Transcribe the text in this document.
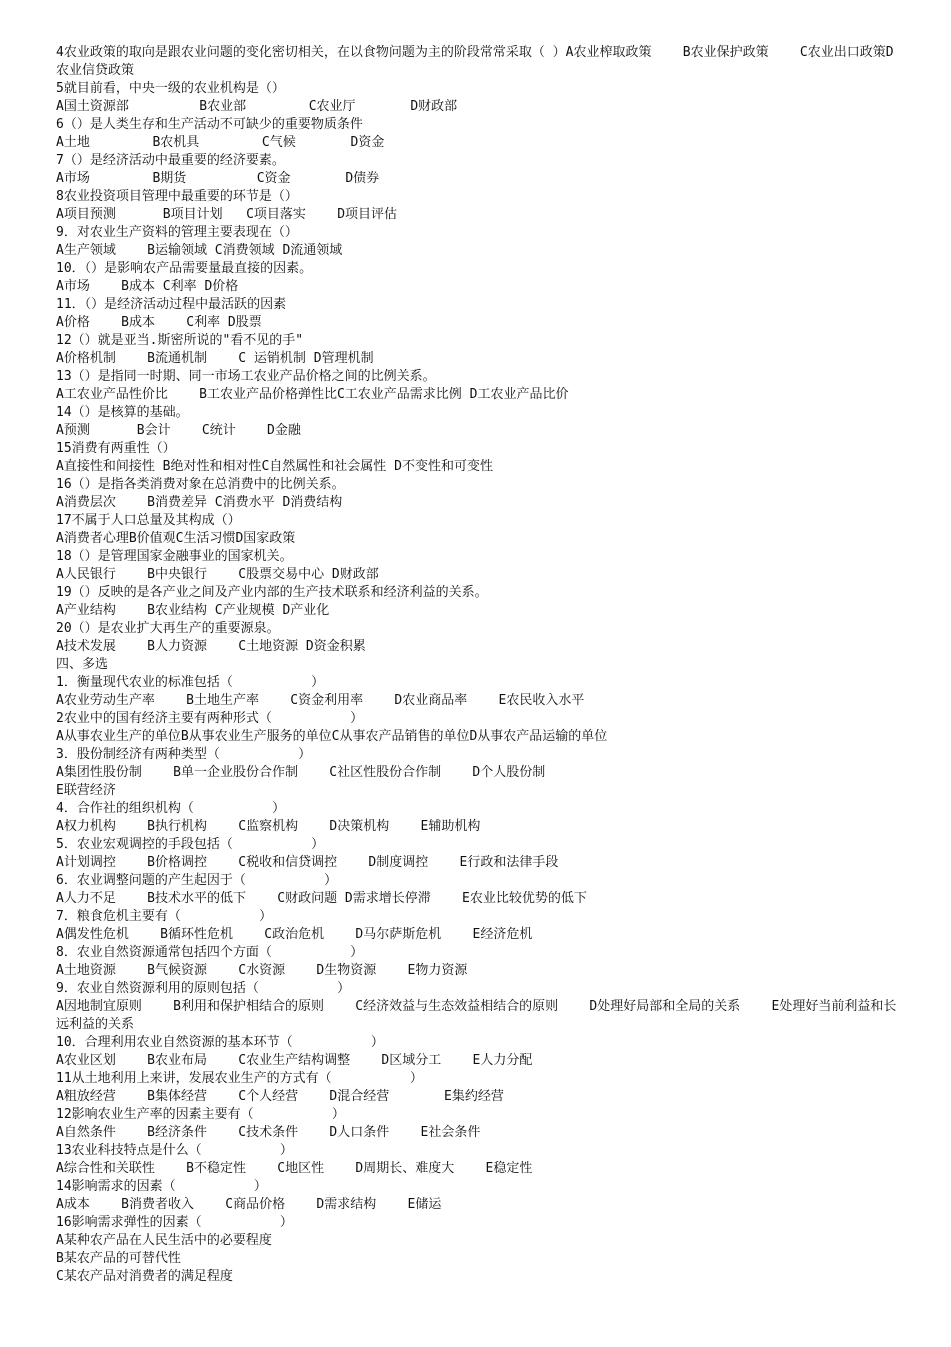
4农业政策的取向是跟农业问题的变化密切相关，在以食物问题为主的阶段常常采取（ ）A农业榨取政策    B农业保护政策    C农业出口政策D农业信贷政策
5就目前看，中央一级的农业机构是（）
A国土资源部         B农业部        C农业厅       D财政部
6（）是人类生存和生产活动不可缺少的重要物质条件
A土地        B农机具        C气候       D资金
7（）是经济活动中最重要的经济要素。
A市场        B期货         C资金       D债券
8农业投资项目管理中最重要的环节是（）
A项目预测      B项目计划   C项目落实    D项目评估
9．对农业生产资料的管理主要表现在（）
A生产领域    B运输领域 C消费领域 D流通领域
10．（）是影响农产品需要量最直接的因素。
A市场    B成本 C利率 D价格
11．（）是经济活动过程中最活跃的因素
A价格    B成本    C利率 D股票
12（）就是亚当.斯密所说的"看不见的手"
A价格机制    B流通机制    C 运销机制 D管理机制
13（）是指同一时期、同一市场工农业产品价格之间的比例关系。
A工农业产品性价比    B工农业产品价格弹性比C工农业产品需求比例 D工农业产品比价
14（）是核算的基础。
A预测      B会计    C统计    D金融
15消费有两重性（）
A直接性和间接性 B绝对性和相对性C自然属性和社会属性 D不变性和可变性
16（）是指各类消费对象在总消费中的比例关系。
A消费层次    B消费差异 C消费水平 D消费结构
17不属于人口总量及其构成（）
A消费者心理B价值观C生活习惯D国家政策
18（）是管理国家金融事业的国家机关。
A人民银行    B中央银行    C股票交易中心 D财政部
19（）反映的是各产业之间及产业内部的生产技术联系和经济利益的关系。
A产业结构    B农业结构 C产业规模 D产业化
20（）是农业扩大再生产的重要源泉。
A技术发展    B人力资源    C土地资源 D资金积累
四、多选
1．衡量现代农业的标准包括（          ）
A农业劳动生产率    B土地生产率    C资金利用率    D农业商品率    E农民收入水平
2农业中的国有经济主要有两种形式（          ）
A从事农业生产的单位B从事农业生产服务的单位C从事农产品销售的单位D从事农产品运输的单位
3．股份制经济有两种类型（          ）
A集团性股份制    B单一企业股份合作制    C社区性股份合作制    D个人股份制
E联营经济
4．合作社的组织机构（          ）
A权力机构    B执行机构    C监察机构    D决策机构    E辅助机构
5．农业宏观调控的手段包括（          ）
A计划调控    B价格调控    C税收和信贷调控    D制度调控    E行政和法律手段
6．农业调整问题的产生起因于（          ）
A人力不足    B技术水平的低下    C财政问题 D需求增长停滞    E农业比较优势的低下
7．粮食危机主要有（          ）
A偶发性危机    B循环性危机    C政治危机    D马尔萨斯危机    E经济危机
8．农业自然资源通常包括四个方面（          ）
A土地资源    B气候资源    C水资源    D生物资源    E物力资源
9．农业自然资源利用的原则包括（          ）
A因地制宜原则    B利用和保护相结合的原则    C经济效益与生态效益相结合的原则    D处理好局部和全局的关系    E处理好当前利益和长远利益的关系
10．合理利用农业自然资源的基本环节（          ）
A农业区划    B农业布局    C农业生产结构调整    D区域分工    E人力分配
11从土地利用上来讲，发展农业生产的方式有（          ）
A粗放经营    B集体经营    C个人经营    D混合经营       E集约经营
12影响农业生产率的因素主要有（          ）
A自然条件    B经济条件    C技术条件    D人口条件    E社会条件
13农业科技特点是什么（          ）
A综合性和关联性    B不稳定性    C地区性    D周期长、难度大    E稳定性
14影响需求的因素（          ）
A成本    B消费者收入    C商品价格    D需求结构    E储运
16影响需求弹性的因素（          ）
A某种农产品在人民生活中的必要程度
B某农产品的可替代性
C某农产品对消费者的满足程度
